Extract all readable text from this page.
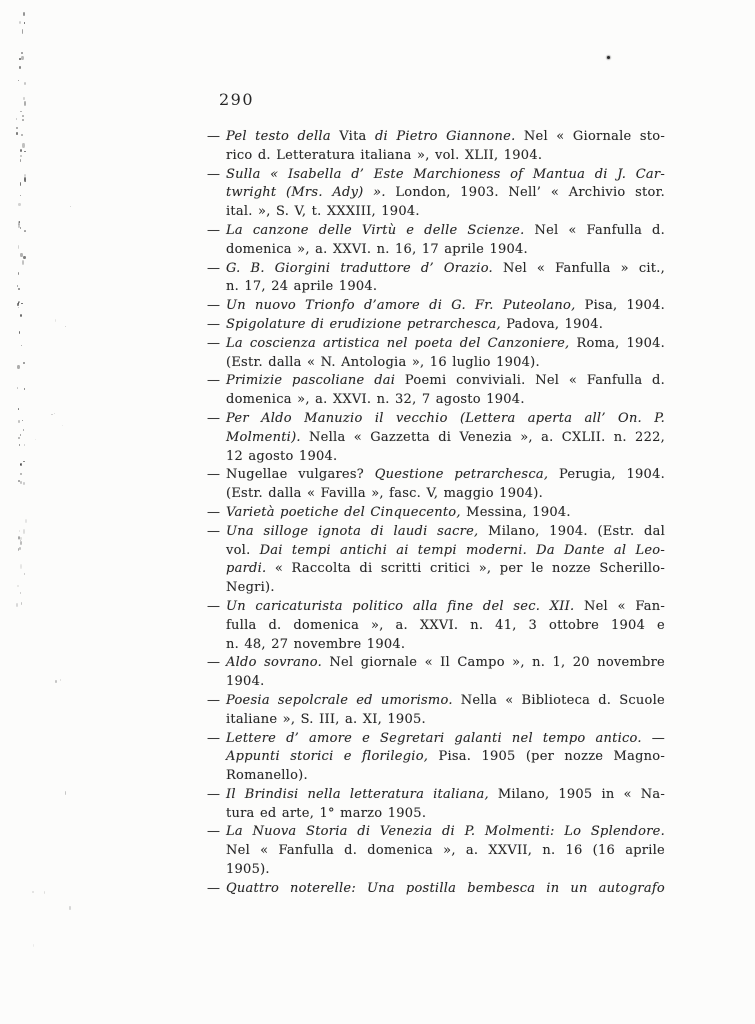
290
— Pel testo della Vita di Pietro Giannone. Nel « Giornale sto-
rico d. Letteratura italiana », vol. XLII, 1904.
— Sulla « Isabella d’ Este Marchioness of Mantua di J. Car-
twright (Mrs. Ady) ». London, 1903. Nell’ « Archivio stor.
ital. », S. V, t. XXXIII, 1904.
— La canzone delle Virtù e delle Scienze. Nel « Fanfulla d.
domenica », a. XXVI. n. 16, 17 aprile 1904.
— G. B. Giorgini traduttore d’ Orazio. Nel « Fanfulla » cit.,
n. 17, 24 aprile 1904.
— Un nuovo Trionfo d’amore di G. Fr. Puteolano, Pisa, 1904.
— Spigolature di erudizione petrarchesca, Padova, 1904.
— La coscienza artistica nel poeta del Canzoniere, Roma, 1904.
(Estr. dalla « N. Antologia », 16 luglio 1904).
— Primizie pascoliane dai Poemi conviviali. Nel « Fanfulla d.
domenica », a. XXVI. n. 32, 7 agosto 1904.
— Per Aldo Manuzio il vecchio (Lettera aperta all’ On. P.
Molmenti). Nella « Gazzetta di Venezia », a. CXLII. n. 222,
12 agosto 1904.
— Nugellae vulgares? Questione petrarchesca, Perugia, 1904.
(Estr. dalla « Favilla », fasc. V, maggio 1904).
— Varietà poetiche del Cinquecento, Messina, 1904.
— Una silloge ignota di laudi sacre, Milano, 1904. (Estr. dal
vol. Dai tempi antichi ai tempi moderni. Da Dante al Leo-
pardi. « Raccolta di scritti critici », per le nozze Scherillo-
Negri).
— Un caricaturista politico alla fine del sec. XII. Nel « Fan-
fulla d. domenica », a. XXVI. n. 41, 3 ottobre 1904 e
n. 48, 27 novembre 1904.
— Aldo sovrano. Nel giornale « Il Campo », n. 1, 20 novembre
1904.
— Poesia sepolcrale ed umorismo. Nella « Biblioteca d. Scuole
italiane », S. III, a. XI, 1905.
— Lettere d’ amore e Segretari galanti nel tempo antico. —
Appunti storici e florilegio, Pisa. 1905 (per nozze Magno-
Romanello).
— Il Brindisi nella letteratura italiana, Milano, 1905 in « Na-
tura ed arte, 1° marzo 1905.
— La Nuova Storia di Venezia di P. Molmenti: Lo Splendore.
Nel « Fanfulla d. domenica », a. XXVII, n. 16 (16 aprile
1905).
— Quattro noterelle: Una postilla bembesca in un autografo
